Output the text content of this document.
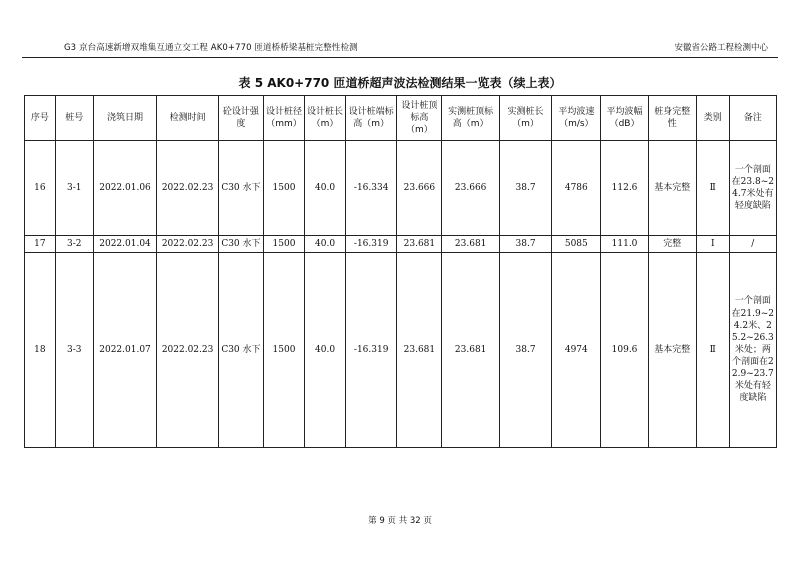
G3 京台高速新增双堆集互通立交工程 AK0+770 匝道桥桥梁基桩完整性检测	安徽省公路工程检测中心
表 5 AK0+770 匝道桥超声波法检测结果一览表（续上表）
序号	桩号	浇筑日期	检测时间	砼设计强度	设计桩径（mm）	设计桩长（m）	设计桩端标高（m）	设计桩顶标高（m）	实测桩顶标高（m）	实测桩长（m）	平均波速（m/s）	平均波幅（dB）	桩身完整性	类别	备注
16	3-1	2022.01.06	2022.02.23	C30 水下	1500	40.0	-16.334	23.666	23.666	38.7	4786	112.6	基本完整	Ⅱ	一个剖面在23.8~24.7米处有轻度缺陷
17	3-2	2022.01.04	2022.02.23	C30 水下	1500	40.0	-16.319	23.681	23.681	38.7	5085	111.0	完整	Ⅰ	/
18	3-3	2022.01.07	2022.02.23	C30 水下	1500	40.0	-16.319	23.681	23.681	38.7	4974	109.6	基本完整	Ⅱ	一个剖面在21.9~24.2米、25.2~26.3米处；两个剖面在22.9~23.7米处有轻度缺陷
第 9 页 共 32 页
